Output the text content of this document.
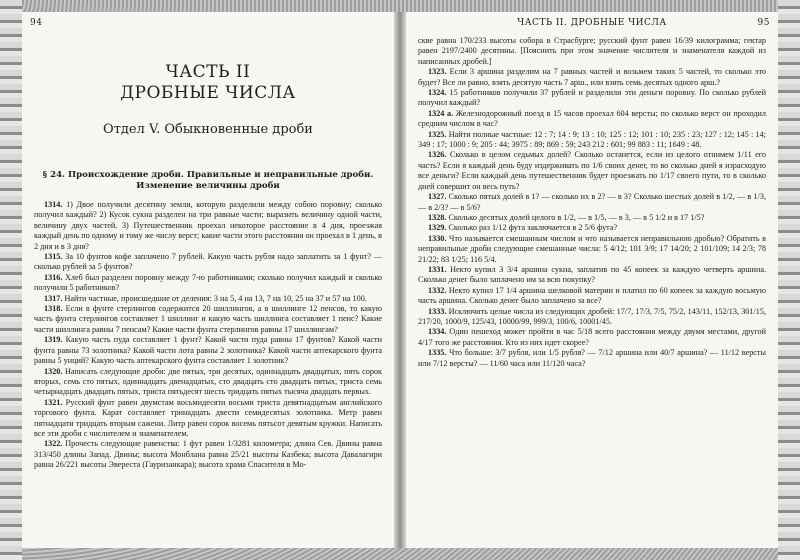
94
ЧАСТЬ II
ДРОБНЫЕ ЧИСЛА
Отдел V. Обыкновенные дроби
§ 24. Происхождение дроби. Правильные и неправильные дроби. Изменение величины дроби

1314. 1) Двое получили десятину земли, которую разделили между собою поровну; сколько получил каждый? 2) Кусок сукна разделен на три равные части; выразить величину одной части, величину двух частей. 3) Путешественник проехал некоторое расстояние в 4 дня, проезжая каждый день по одному и тому же числу верст; какие части этого расстояния он проехал в 1 день, в 2 дня и в 3 дня?

1315. За 10 фунтов кофе заплачено 7 рублей. Какую часть рубля надо заплатить за 1 фунт? — сколько рублей за 5 фунтов?

1316. Хлеб был разделен поровну между 7-ю работниками; сколько получил каждый и сколько получили 5 работников?

1317. Найти частные, происшедшие от деления: 3 на 5, 4 на 13, 7 на 10, 25 на 37 и 57 на 100.

1318. Если в фунте стерлингов содержится 20 шиллингов, а в шиллинге 12 пенсов, то какую часть фунта стерлингов составляет 1 шиллинг и какую часть шиллинга составляет 1 пенс? Какие части шиллинга равны 7 пенсам? Какие части фунта стерлингов равны 17 шиллингам?

1319. Какую часть пуда составляет 1 фунт? Какой части пуда равны 17 фунтов? Какой части фунта равны 73 золотника? Какой части лота равны 2 золотника? Какой части аптекарского фунта равны 5 унций? Какую часть аптекарского фунта составляет 1 золотник?

1320. Написать следующие дроби: две пятых, три десятых, одиннадцать двадцатых, пять сорок вторых, семь сто пятых, одиннадцать двенадцатых, сто двадцать сто двадцать пятых, триста семь четырнадцать двадцать пятых, триста пятьдесят шесть тридцать пятых тысяча двадцать первых.

1321. Русский фунт равен двумстам восьмидесяти восьми триста девятнадцатым английского торгового фунта. Карат составляет тринадцать двести семидесятых золотника. Метр равен пятнадцати тридцать вторым сажени. Литр равен сорок восемь пятьсот девятым кружки. Написать все эти дроби с числителем и знаменателем.

1322. Прочесть следующие равенства: 1 фут равен 1/3281 километра; длина Сев. Двины равна 313/450 длины Запад. Двины; высота Монблана равна 25/21 высоты Казбека; высота Давалагири равна 26/221 высоты Эвереста (Гауризанкара); высота храма Спасителя в Мо-

ЧАСТЬ II. ДРОБНЫЕ ЧИСЛА	95

скве равна 170/233 высоты собора в Страсбурге; русский фунт равен 16/39 килограмма; гектар равен 2197/2400 десятины. [Пояснить при этом значение числителя и знаменателя каждой из написанных дробей.]

1323. Если 3 аршина разделим на 7 равных частей и возьмем таких 5 частей, то сколько это будет? Все ли равно, взять десятую часть 7 арш., или взять семь десятых одного арш.?

1324. 15 работников получили 37 рублей и разделили эти деньги поровну. По сколько рублей получил каждый?

1324 а. Железнодорожный поезд в 15 часов проехал 604 версты; по сколько верст он проходил средним числом в час?

1325. Найти полные частные: 12 : 7; 14 : 9; 13 : 10; 125 : 12; 101 : 10; 235 : 23; 127 : 12; 145 : 14; 349 : 17; 1000 : 9; 205 : 44; 3975 : 89; 869 : 59; 243 212 : 601; 99 883 : 11; 1649 : 48.

1326. Сколько в целом седьмых долей? Сколько останется, если из целого отнимем 1/11 его часть? Если я каждый день буду издерживать по 1/6 своих денег, то во сколько дней я израсходую все деньги? Если каждый день путешественник будет проезжать по 1/17 своего пути, то в сколько дней совершит он весь путь?

1327. Сколько пятых долей в 1? — сколько их в 2? — в 3? Сколько шестых долей в 1/2, — в 1/3, — в 2/3? — в 5/6?

1328. Сколько десятых долей целого в 1/2, — в 1/5, — в 3, — в 5 1/2 и в 17 1/5?

1329. Сколько раз 1/12 фута заключается в 2 5/6 фута?

1330. Что называется смешанным числом и что называется неправильною дробью? Обратить в неправильные дроби следующие смешанные числа: 5 4/12; 101 3/9; 17 14/20; 2 101/109; 14 2/3; 78 21/22; 83 1/25; 116 5/4.

1331. Некто купил 3 3/4 аршина сукна, заплатив по 45 копеек за каждую четверть аршина. Сколько денег было заплачено им за всю покупку?

1332. Некто купил 17 1/4 аршина шелковой материи и платил по 60 копеек за каждую восьмую часть аршина. Сколько денег было заплачено за все?

1333. Исключить целые числа из следующих дробей: 17/7, 17/3, 7/5, 75/2, 143/11, 152/13, 301/15, 217/20, 1000/9, 125/43, 10000/99, 999/3, 100/6, 10001/45.

1334. Один пешеход может пройти в час 5/18 всего расстояния между двумя местами, другой 4/17 того же расстояния. Кто из них идет скорее?

1335. Что больше: 3/7 рубля, или 1/5 рубля? — 7/12 аршина или 40/7 аршина? — 11/12 версты или 7/12 версты? — 11/60 часа или 11/120 часа?
